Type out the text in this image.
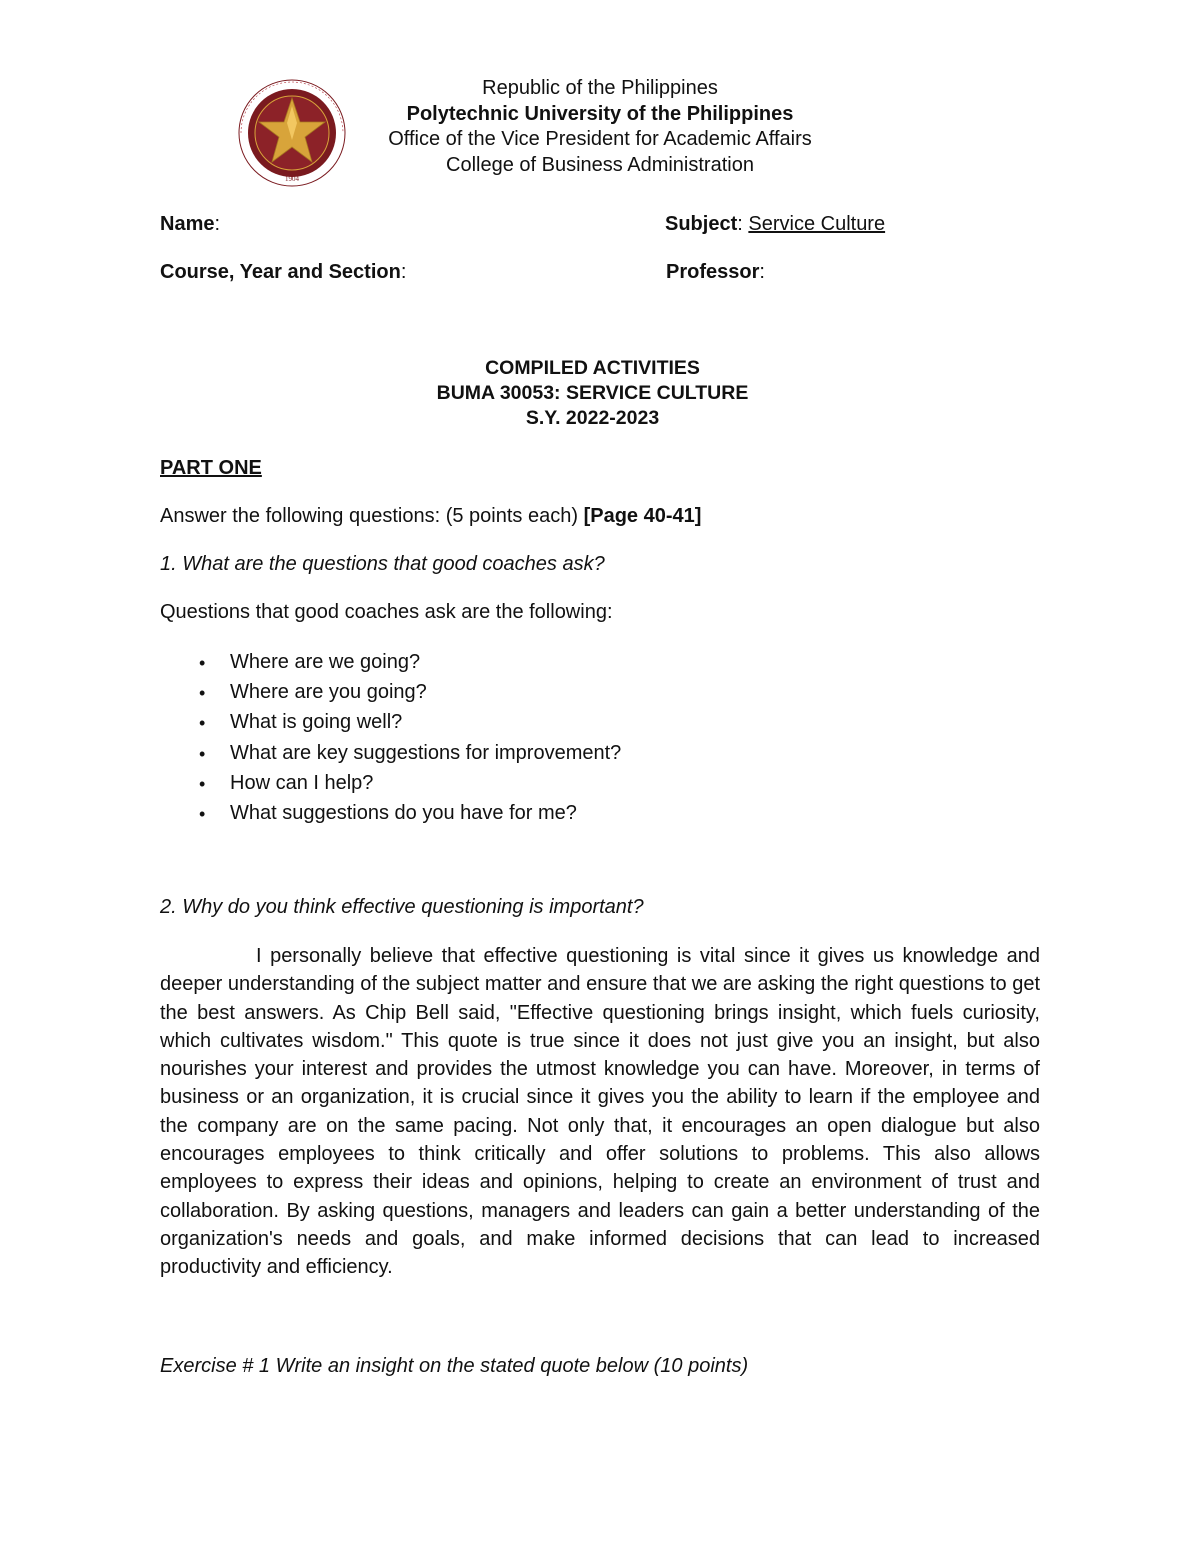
1904
Republic of the Philippines
Polytechnic University of the Philippines
Office of the Vice President for Academic Affairs
College of Business Administration
Name:	Subject: Service Culture
Course, Year and Section:	Professor:
COMPILED ACTIVITIES
BUMA 30053: SERVICE CULTURE
S.Y. 2022-2023
PART ONE
Answer the following questions: (5 points each) [Page 40-41]
1. What are the questions that good coaches ask?
Questions that good coaches ask are the following:
• Where are we going?
• Where are you going?
• What is going well?
• What are key suggestions for improvement?
• How can I help?
• What suggestions do you have for me?
2. Why do you think effective questioning is important?
I personally believe that effective questioning is vital since it gives us knowledge and deeper understanding of the subject matter and ensure that we are asking the right questions to get the best answers. As Chip Bell said, "Effective questioning brings insight, which fuels curiosity, which cultivates wisdom." This quote is true since it does not just give you an insight, but also nourishes your interest and provides the utmost knowledge you can have. Moreover, in terms of business or an organization, it is crucial since it gives you the ability to learn if the employee and the company are on the same pacing. Not only that, it encourages an open dialogue but also encourages employees to think critically and offer solutions to problems. This also allows employees to express their ideas and opinions, helping to create an environment of trust and collaboration. By asking questions, managers and leaders can gain a better understanding of the organization's needs and goals, and make informed decisions that can lead to increased productivity and efficiency.
Exercise # 1 Write an insight on the stated quote below (10 points)
